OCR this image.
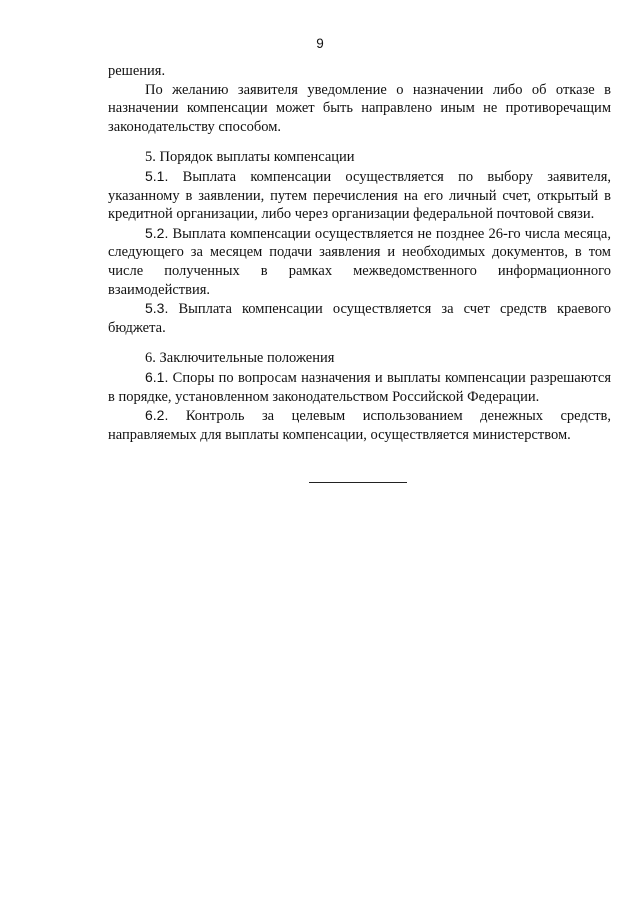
9

решения.

По желанию заявителя уведомление о назначении либо об отказе в назначении компенсации может быть направлено иным не противоречащим законодательству способом.

5. Порядок выплаты компенсации

5.1. Выплата компенсации осуществляется по выбору заявителя, указанному в заявлении, путем перечисления на его личный счет, открытый в кредитной организации, либо через организации федеральной почтовой связи.

5.2. Выплата компенсации осуществляется не позднее 26-го числа месяца, следующего за месяцем подачи заявления и необходимых документов, в том числе полученных в рамках межведомственного информационного взаимодействия.

5.3. Выплата компенсации осуществляется за счет средств краевого бюджета.

6. Заключительные положения

6.1. Споры по вопросам назначения и выплаты компенсации разрешаются в порядке, установленном законодательством Российской Федерации.

6.2. Контроль за целевым использованием денежных средств, направляемых для выплаты компенсации, осуществляется министерством.
